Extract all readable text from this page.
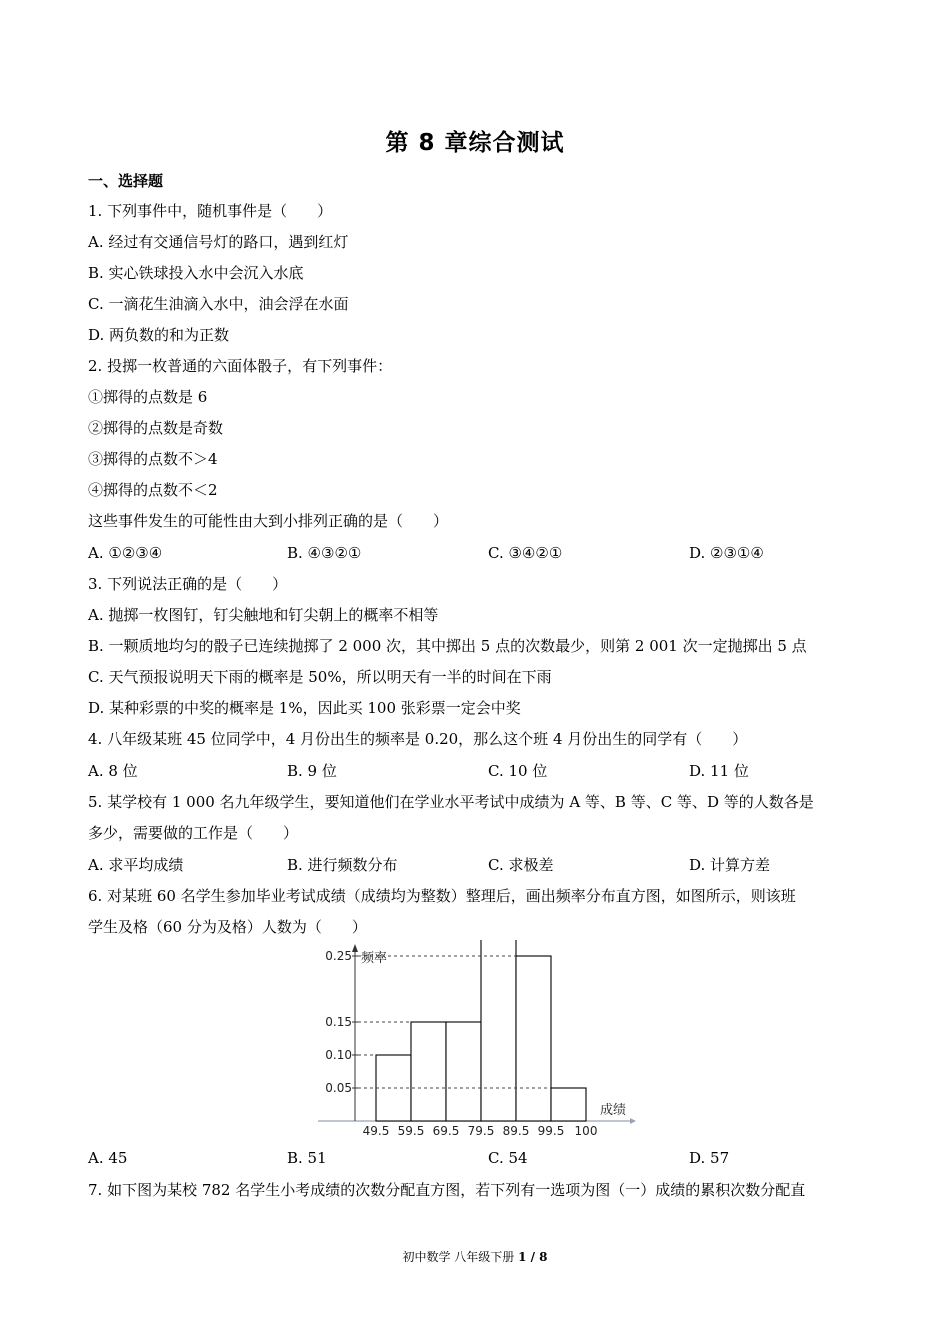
第 8 章综合测试
一、选择题
1. 下列事件中，随机事件是（　　）
A. 经过有交通信号灯的路口，遇到红灯
B. 实心铁球投入水中会沉入水底
C. 一滴花生油滴入水中，油会浮在水面
D. 两负数的和为正数
2. 投掷一枚普通的六面体骰子，有下列事件：
①掷得的点数是 6
②掷得的点数是奇数
③掷得的点数不＞4
④掷得的点数不＜2
这些事件发生的可能性由大到小排列正确的是（　　）
A. ①②③④	B. ④③②①	C. ③④②①	D. ②③①④
3. 下列说法正确的是（　　）
A. 抛掷一枚图钉，钉尖触地和钉尖朝上的概率不相等
B. 一颗质地均匀的骰子已连续抛掷了 2 000 次，其中掷出 5 点的次数最少，则第 2 001 次一定抛掷出 5 点
C. 天气预报说明天下雨的概率是 50%，所以明天有一半的时间在下雨
D. 某种彩票的中奖的概率是 1%，因此买 100 张彩票一定会中奖
4. 八年级某班 45 位同学中，4 月份出生的频率是 0.20，那么这个班 4 月份出生的同学有（　　）
A. 8 位	B. 9 位	C. 10 位	D. 11 位
5. 某学校有 1 000 名九年级学生，要知道他们在学业水平考试中成绩为 A 等、B 等、C 等、D 等的人数各是
多少，需要做的工作是（　　）
A. 求平均成绩	B. 进行频数分布	C. 求极差	D. 计算方差
6. 对某班 60 名学生参加毕业考试成绩（成绩均为整数）整理后，画出频率分布直方图，如图所示，则该班
学生及格（60 分为及格）人数为（　　）
频率
成绩
0.05
0.10
0.15
0.25
49.5 59.5 69.5 79.5 89.5 99.5 100
A. 45	B. 51	C. 54	D. 57
7. 如下图为某校 782 名学生小考成绩的次数分配直方图，若下列有一选项为图（一）成绩的累积次数分配直
初中数学 八年级下册 1 / 8
